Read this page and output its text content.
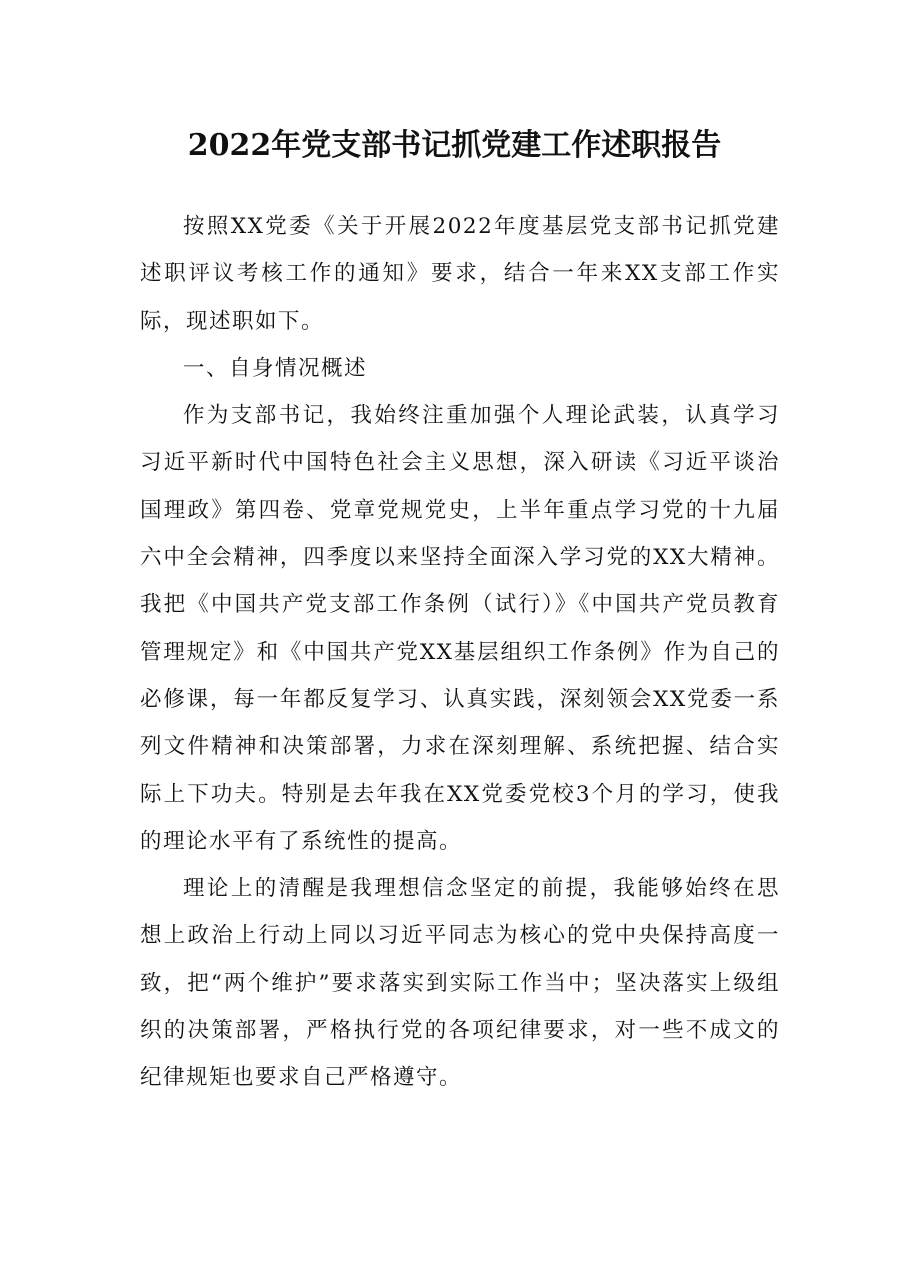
2022年党支部书记抓党建工作述职报告

按照XX党委《关于开展2022年度基层党支部书记抓党建述职评议考核工作的通知》要求，结合一年来XX支部工作实际，现述职如下。

一、自身情况概述

作为支部书记，我始终注重加强个人理论武装，认真学习习近平新时代中国特色社会主义思想，深入研读《习近平谈治国理政》第四卷、党章党规党史，上半年重点学习党的十九届六中全会精神，四季度以来坚持全面深入学习党的XX大精神。我把《中国共产党支部工作条例（试行）》《中国共产党员教育管理规定》和《中国共产党XX基层组织工作条例》作为自己的必修课，每一年都反复学习、认真实践，深刻领会XX党委一系列文件精神和决策部署，力求在深刻理解、系统把握、结合实际上下功夫。特别是去年我在XX党委党校3个月的学习，使我的理论水平有了系统性的提高。

理论上的清醒是我理想信念坚定的前提，我能够始终在思想上政治上行动上同以习近平同志为核心的党中央保持高度一致，把“两个维护”要求落实到实际工作当中；坚决落实上级组织的决策部署，严格执行党的各项纪律要求，对一些不成文的纪律规矩也要求自己严格遵守。
